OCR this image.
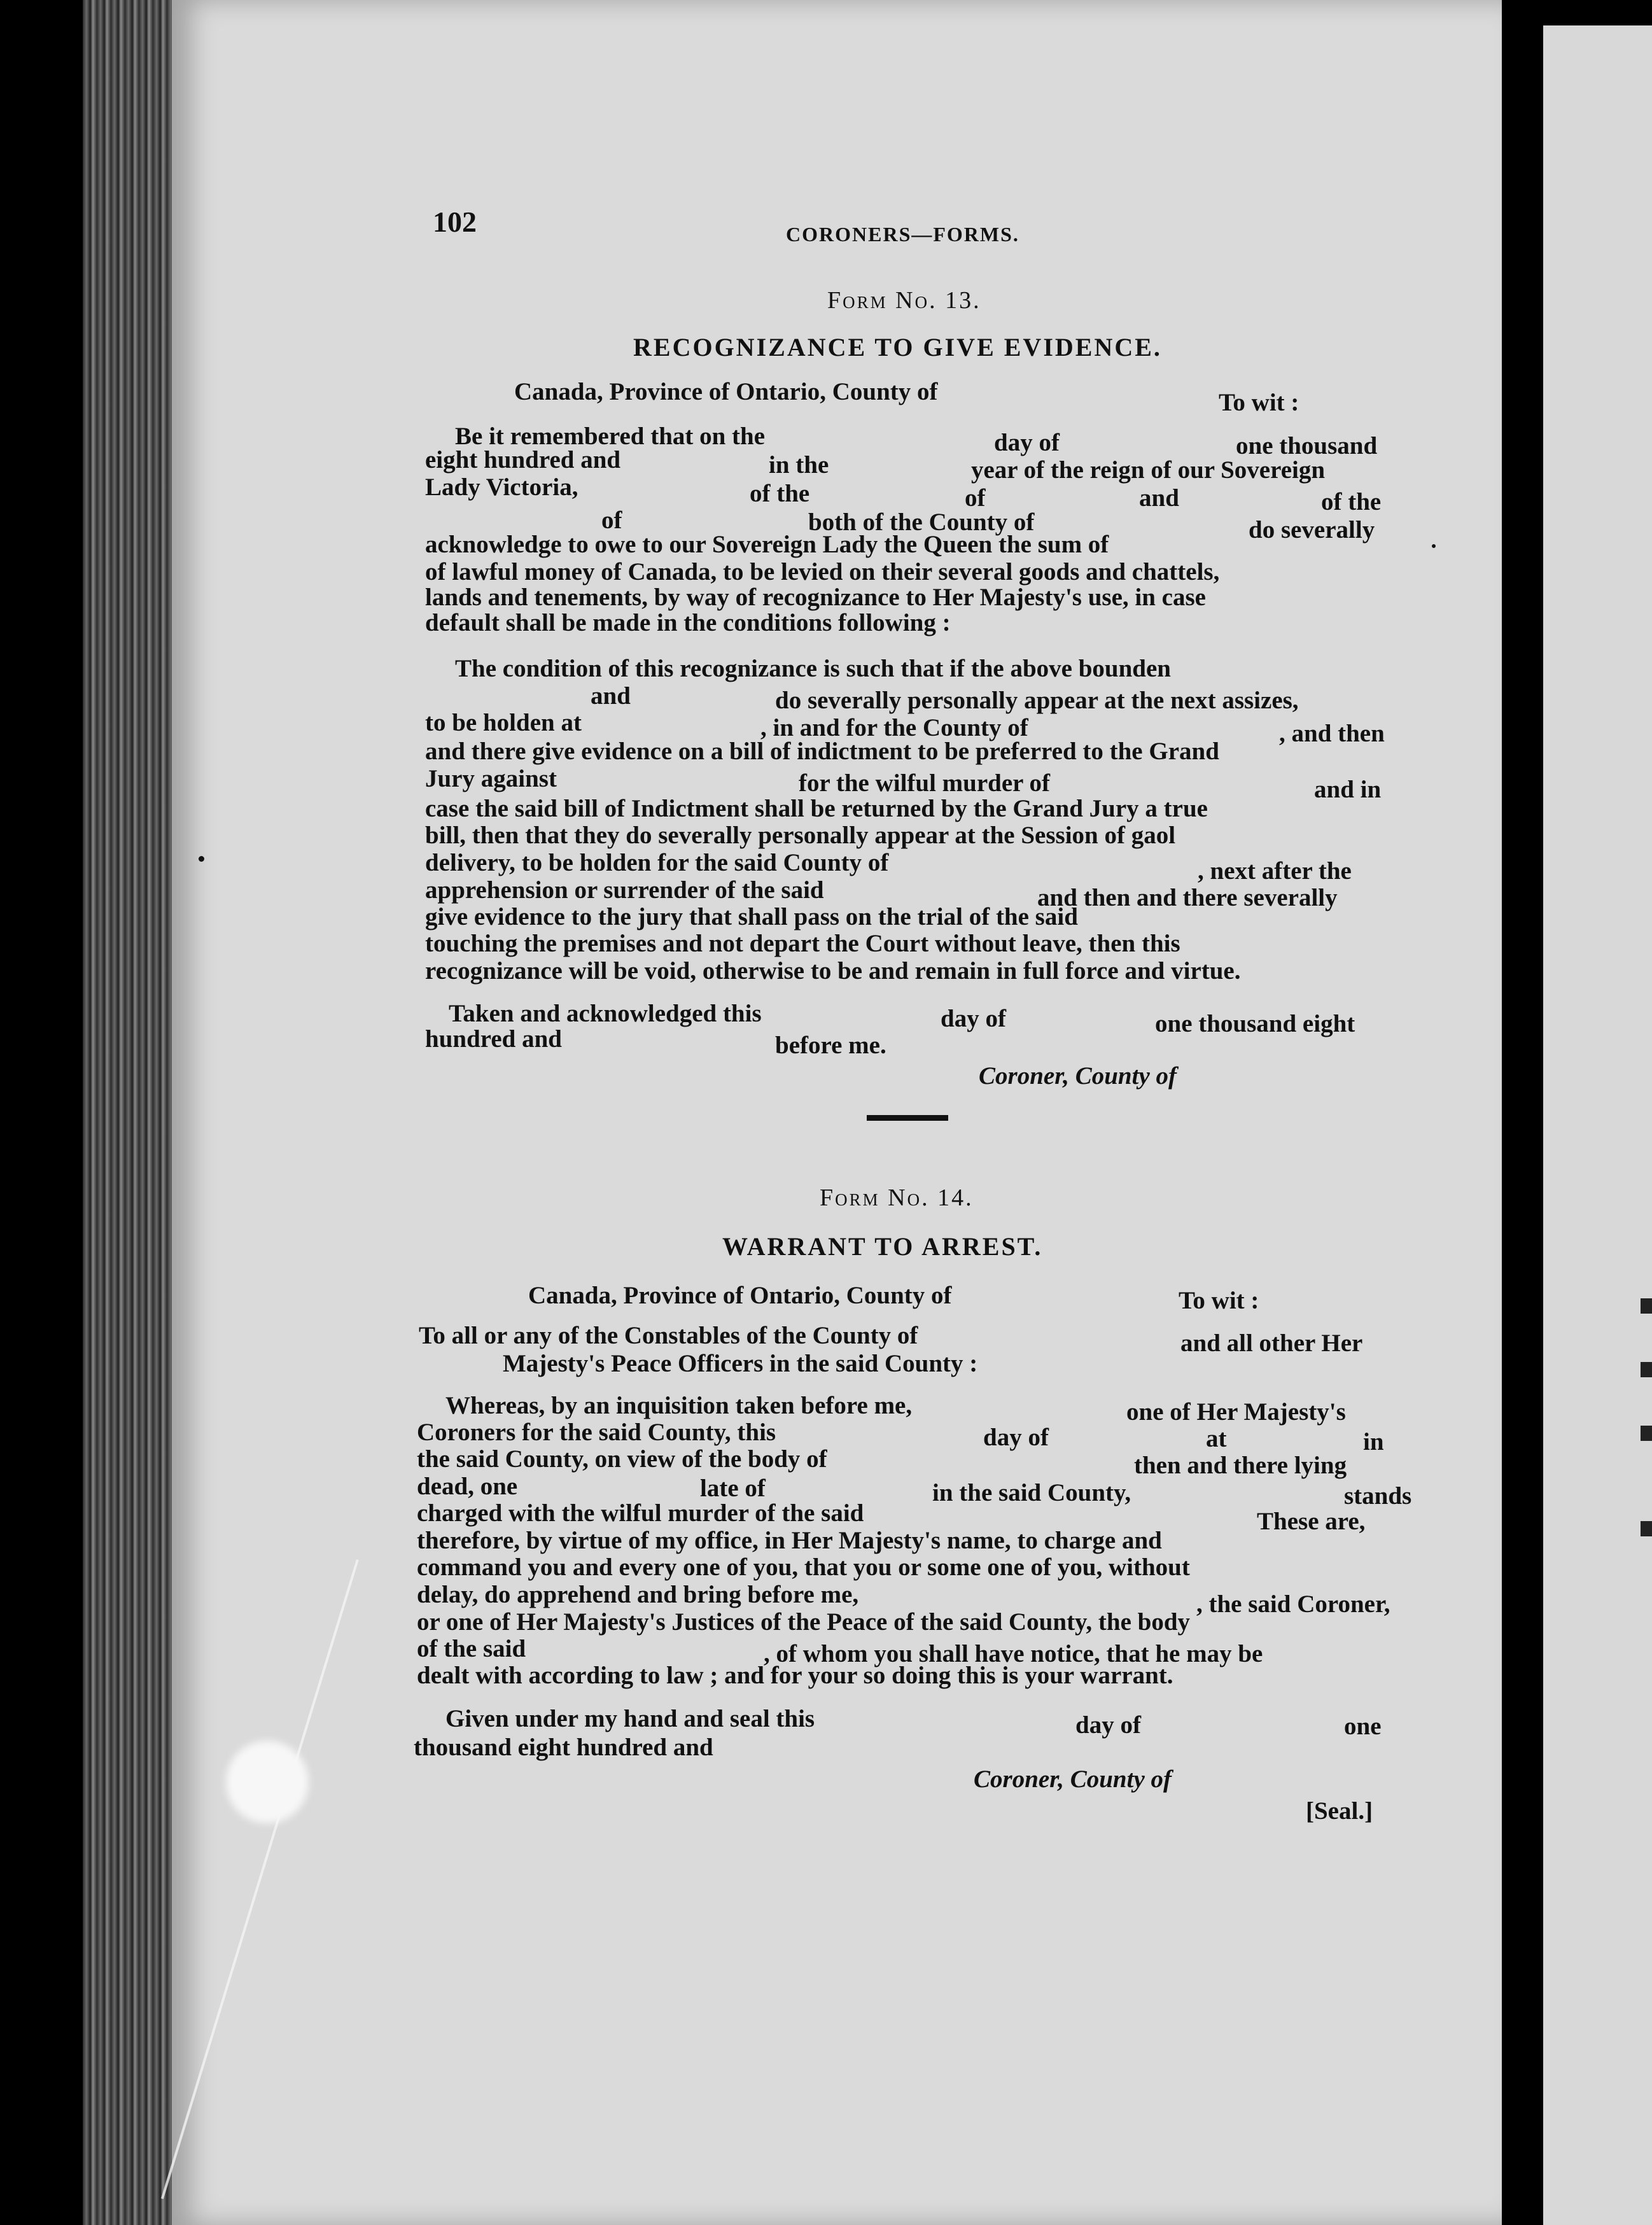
102	CORONERS—FORMS.
Form No. 13.
RECOGNIZANCE TO GIVE EVIDENCE.
Canada, Province of Ontario, County of	To wit :
Be it remembered that on the	day of	one thousand
eight hundred and	in the	year of the reign of our Sovereign
Lady Victoria,	of the	of	and	of the
of	both of the County of	do severally
acknowledge to owe to our Sovereign Lady the Queen the sum of
of lawful money of Canada, to be levied on their several goods and chattels,
lands and tenements, by way of recognizance to Her Majesty's use, in case
default shall be made in the conditions following :
The condition of this recognizance is such that if the above bounden
and	do severally personally appear at the next assizes,
to be holden at	, in and for the County of	, and then
and there give evidence on a bill of indictment to be preferred to the Grand
Jury against	for the wilful murder of	and in
case the said bill of Indictment shall be returned by the Grand Jury a true
bill, then that they do severally personally appear at the Session of gaol
delivery, to be holden for the said County of	, next after the
apprehension or surrender of the said	and then and there severally
give evidence to the jury that shall pass on the trial of the said
touching the premises and not depart the Court without leave, then this
recognizance will be void, otherwise to be and remain in full force and virtue.
Taken and acknowledged this	day of	one thousand eight
hundred and	before me.
Coroner, County of
Form No. 14.
WARRANT TO ARREST.
Canada, Province of Ontario, County of	To wit :
To all or any of the Constables of the County of	and all other Her
Majesty's Peace Officers in the said County :
Whereas, by an inquisition taken before me,	one of Her Majesty's
Coroners for the said County, this	day of	at	in
the said County, on view of the body of	then and there lying
dead, one	late of	in the said County,	stands
charged with the wilful murder of the said	These are,
therefore, by virtue of my office, in Her Majesty's name, to charge and
command you and every one of you, that you or some one of you, without
delay, do apprehend and bring before me,	, the said Coroner,
or one of Her Majesty's Justices of the Peace of the said County, the body
of the said	, of whom you shall have notice, that he may be
dealt with according to law ; and for your so doing this is your warrant.
Given under my hand and seal this	day of	one
thousand eight hundred and
Coroner, County of
[Seal.]
